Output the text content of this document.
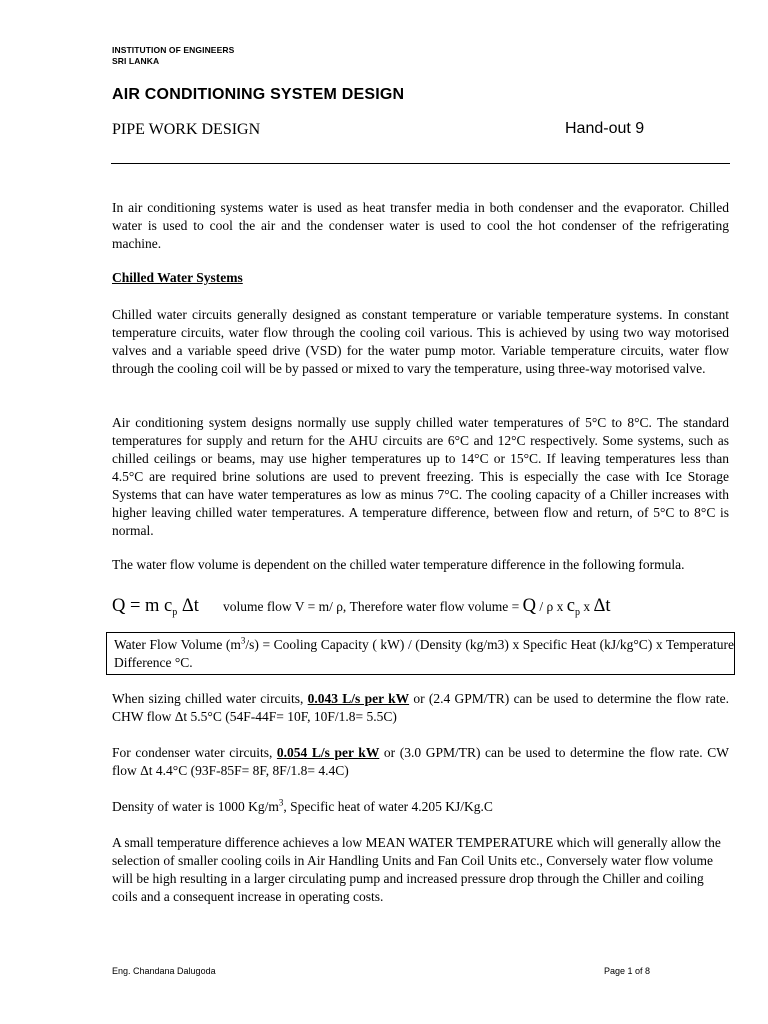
INSTITUTION OF ENGINEERS
SRI LANKA
AIR CONDITIONING SYSTEM DESIGN
PIPE WORK DESIGN	Hand-out 9
In air conditioning systems water is used as heat transfer media in both condenser and the evaporator. Chilled water is used to cool the air and the condenser water is used to cool the hot condenser of the refrigerating machine.
Chilled Water Systems
Chilled water circuits generally designed as constant temperature or variable temperature systems. In constant temperature circuits, water flow through the cooling coil various. This is achieved by using two way motorised valves and a variable speed drive (VSD) for the water pump motor. Variable temperature circuits, water flow through the cooling coil will be by passed or mixed to vary the temperature, using three-way motorised valve.
Air conditioning system designs normally use supply chilled water temperatures of 5°C to 8°C. The standard temperatures for supply and return for the AHU circuits are 6°C and 12°C respectively. Some systems, such as chilled ceilings or beams, may use higher temperatures up to 14°C or 15°C. If leaving temperatures less than 4.5°C are required brine solutions are used to prevent freezing. This is especially the case with Ice Storage Systems that can have water temperatures as low as minus 7°C. The cooling capacity of a Chiller increases with higher leaving chilled water temperatures. A temperature difference, between flow and return, of 5°C to 8°C is normal.
The water flow volume is dependent on the chilled water temperature difference in the following formula.
Q = m $c_p$ Δt volume flow V = m/ ρ, Therefore water flow volume = Q / ρ x $c_p$ x Δt
Water Flow Volume $(m^3/s)$ = Cooling Capacity ( kW) / (Density (kg/m3) x Specific Heat (kJ/kg°C) x Temperature Difference °C.
When sizing chilled water circuits, 0.043 L/s per kW or (2.4 GPM/TR) can be used to determine the flow rate. CHW flow Δt 5.5°C (54F-44F= 10F, 10F/1.8= 5.5C)
For condenser water circuits, 0.054 L/s per kW or (3.0 GPM/TR) can be used to determine the flow rate. CW flow Δt 4.4°C (93F-85F= 8F, 8F/1.8= 4.4C)
Density of water is 1000 $Kg/m^3$, Specific heat of water 4.205 KJ/Kg.C
A small temperature difference achieves a low MEAN WATER TEMPERATURE which will generally allow the selection of smaller cooling coils in Air Handling Units and Fan Coil Units etc., Conversely water flow volume will be high resulting in a larger circulating pump and increased pressure drop through the Chiller and coiling coils and a consequent increase in operating costs.
Eng. Chandana Dalugoda	Page 1 of 8
